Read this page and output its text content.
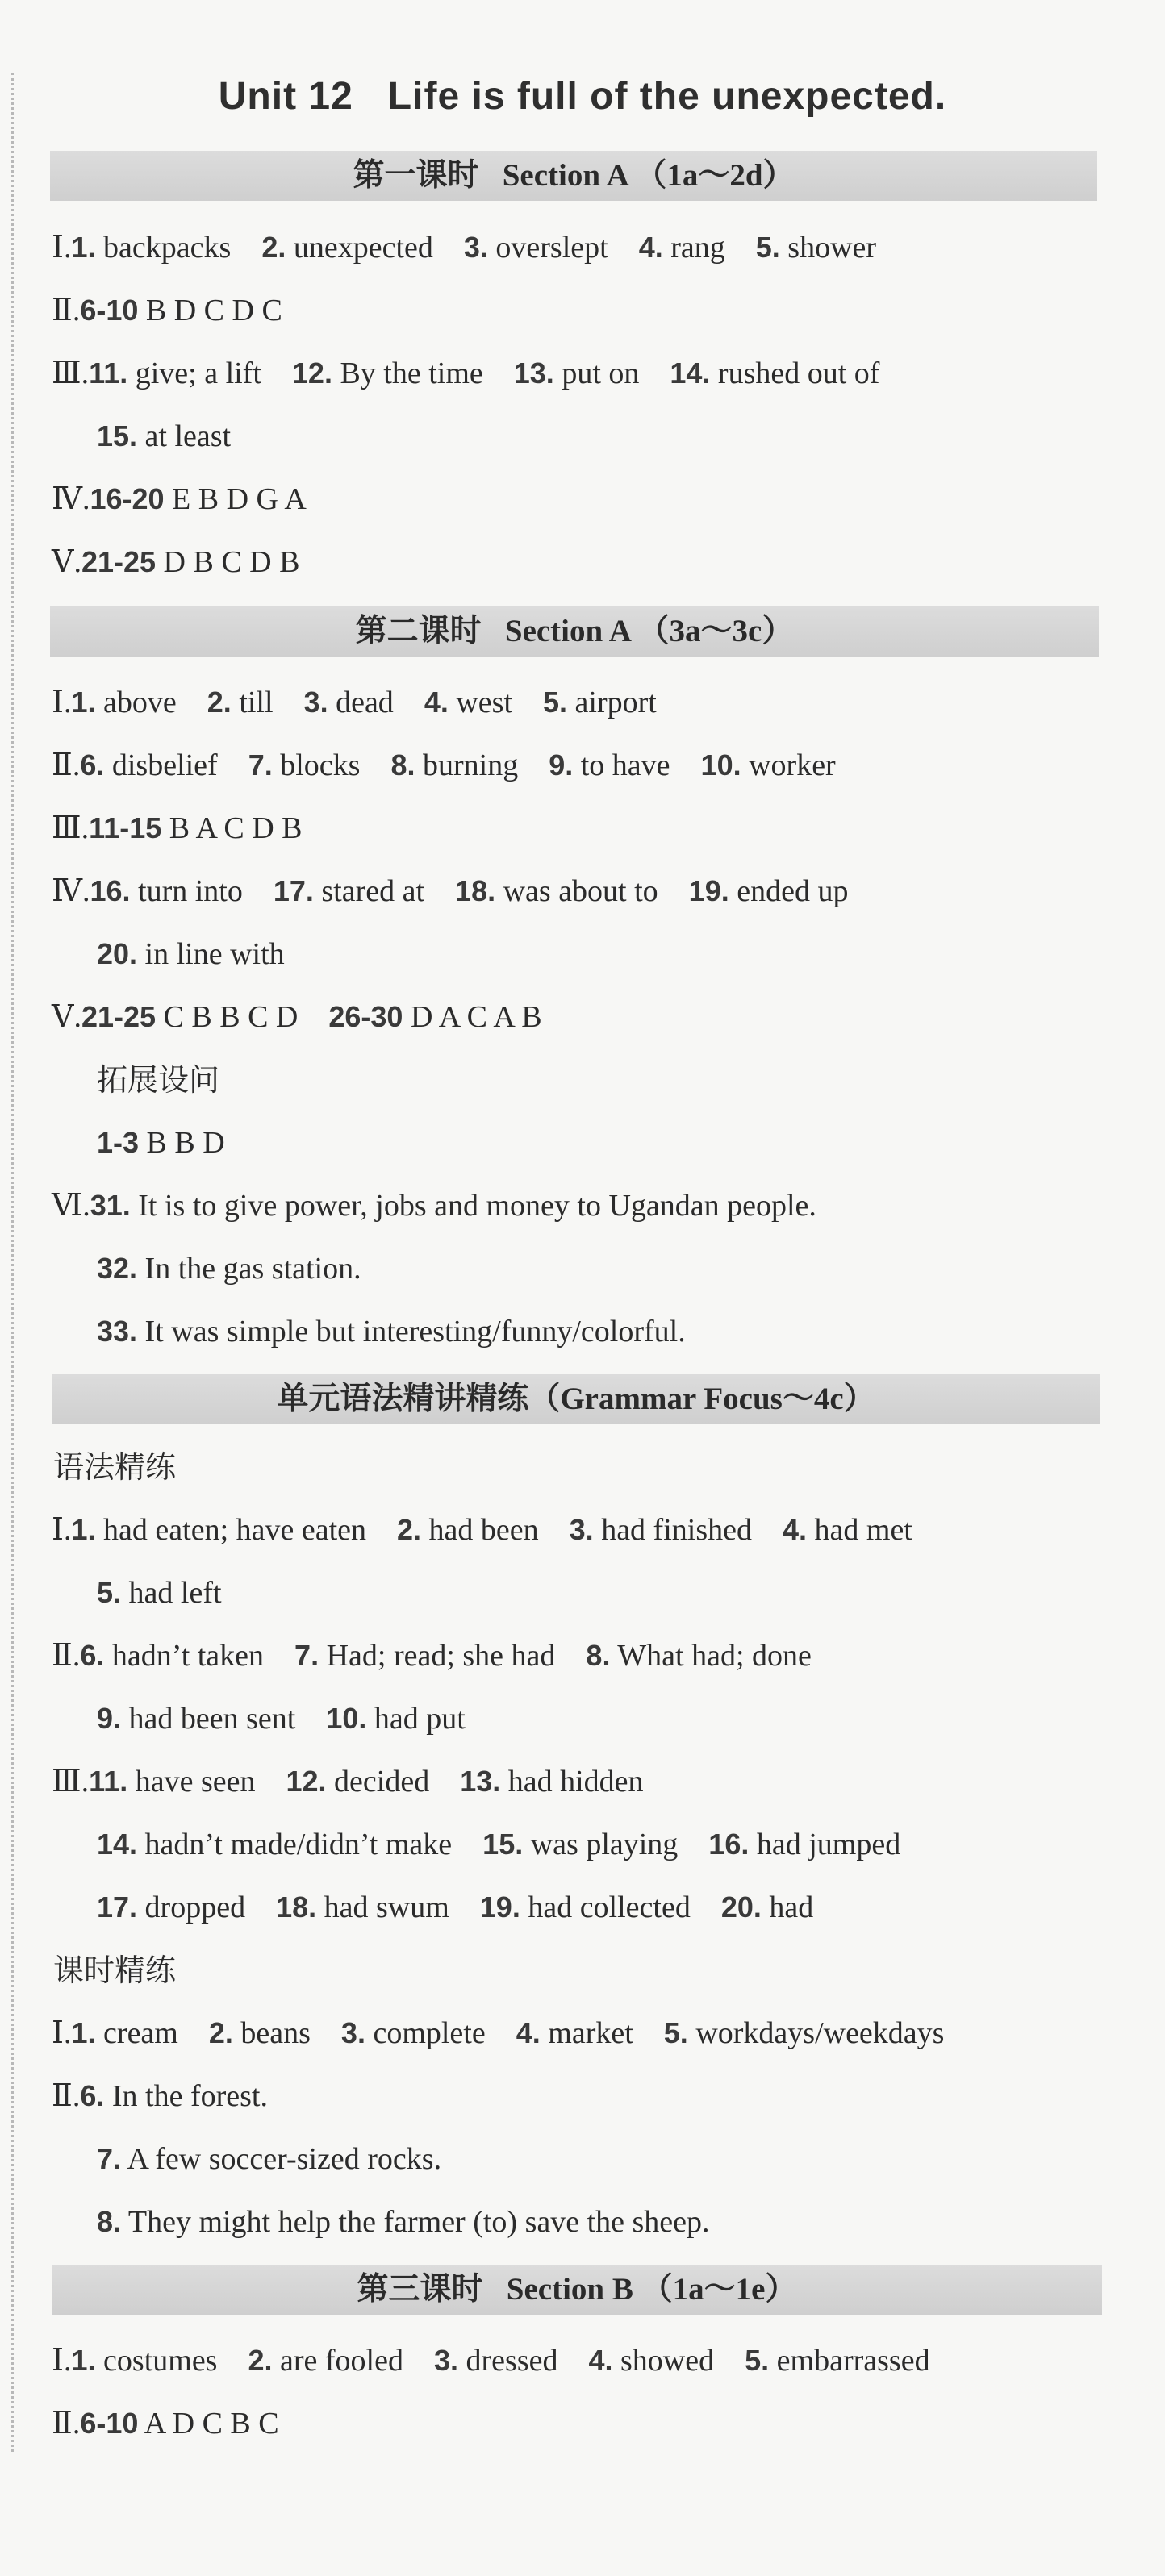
Unit 12   Life is full of the unexpected.
第一课时   Section A （1a～2d）
Ⅰ.1. backpacks 2. unexpected 3. overslept 4. rang 5. shower
Ⅱ.6-10 B D C D C
Ⅲ.11. give; a lift 12. By the time 13. put on 14. rushed out of
15. at least
Ⅳ.16-20 E B D G A
Ⅴ.21-25 D B C D B
第二课时   Section A （3a～3c）
Ⅰ.1. above 2. till 3. dead 4. west 5. airport
Ⅱ.6. disbelief 7. blocks 8. burning 9. to have 10. worker
Ⅲ.11-15 B A C D B
Ⅳ.16. turn into 17. stared at 18. was about to 19. ended up
20. in line with
Ⅴ.21-25 C B B C D 26-30 D A C A B
拓展设问
1-3 B B D
Ⅵ.31. It is to give power, jobs and money to Ugandan people.
32. In the gas station.
33. It was simple but interesting/funny/colorful.
单元语法精讲精练（Grammar Focus～4c）
语法精练
Ⅰ.1. had eaten; have eaten 2. had been 3. had finished 4. had met
5. had left
Ⅱ.6. hadn’t taken 7. Had; read; she had 8. What had; done
9. had been sent 10. had put
Ⅲ.11. have seen 12. decided 13. had hidden
14. hadn’t made/didn’t make 15. was playing 16. had jumped
17. dropped 18. had swum 19. had collected 20. had
课时精练
Ⅰ.1. cream 2. beans 3. complete 4. market 5. workdays/weekdays
Ⅱ.6. In the forest.
7. A few soccer-sized rocks.
8. They might help the farmer (to) save the sheep.
第三课时   Section B （1a～1e）
Ⅰ.1. costumes 2. are fooled 3. dressed 4. showed 5. embarrassed
Ⅱ.6-10 A D C B C
